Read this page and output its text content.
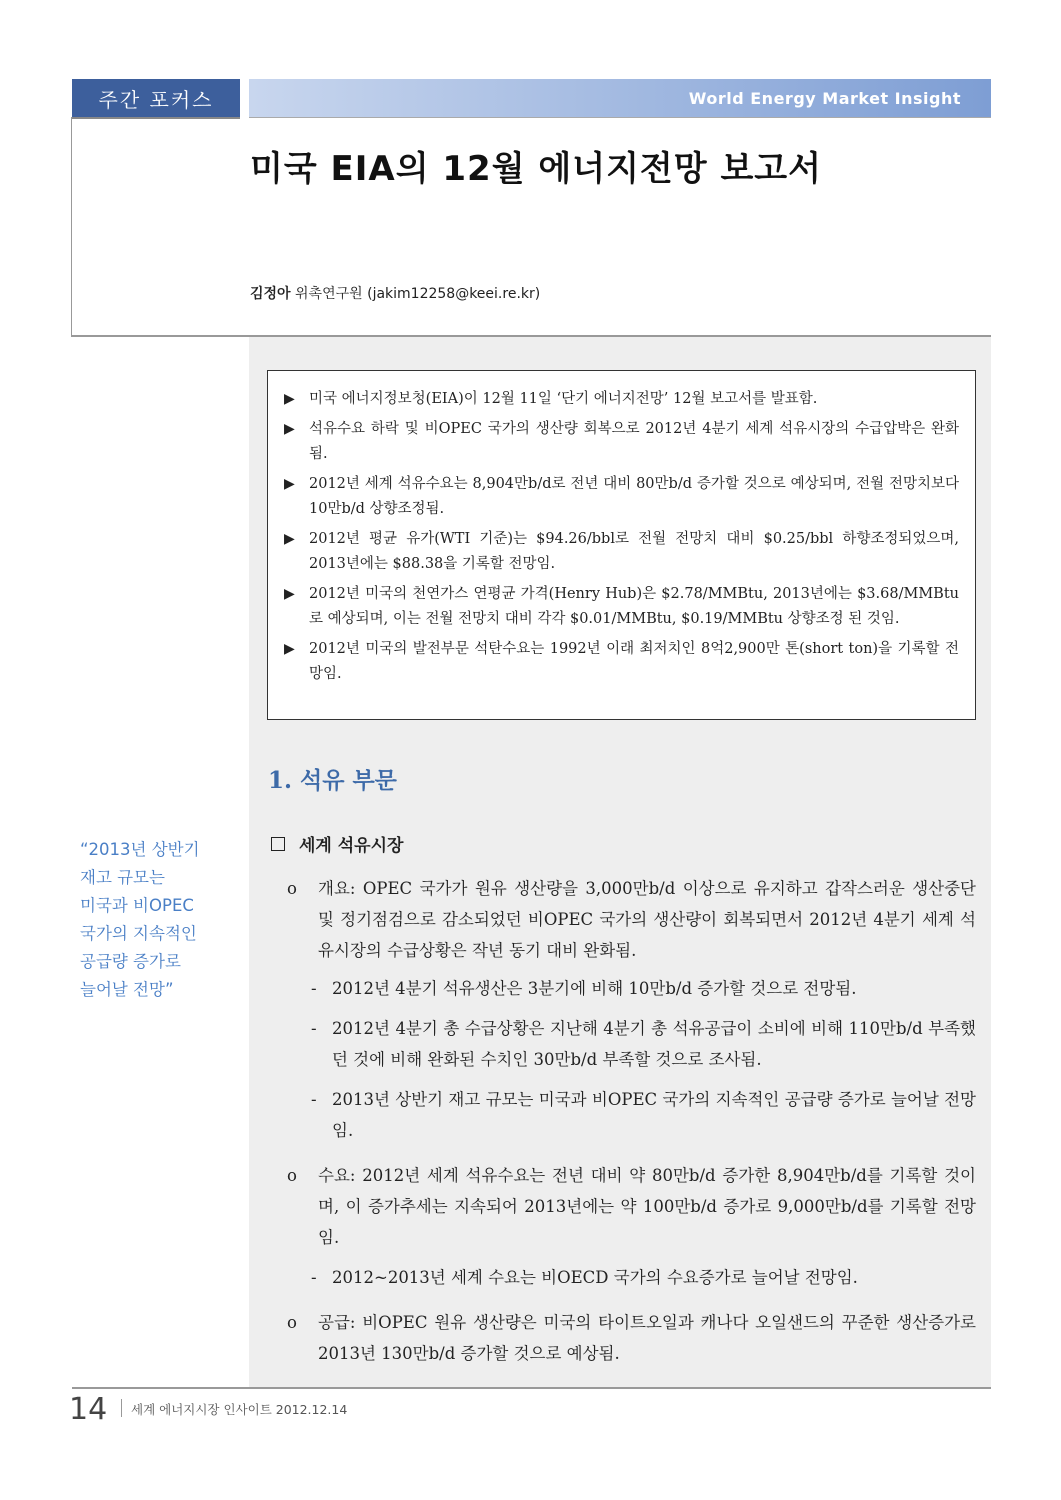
주간 포커스	World Energy Market Insight
미국 EIA의 12월 에너지전망 보고서
김정아 위촉연구원 (jakim12258@keei.re.kr)
▶ 미국 에너지정보청(EIA)이 12월 11일 ‘단기 에너지전망’ 12월 보고서를 발표함.
▶ 석유수요 하락 및 비OPEC 국가의 생산량 회복으로 2012년 4분기 세계 석유시장의 수급압박은 완화됨.
▶ 2012년 세계 석유수요는 8,904만b/d로 전년 대비 80만b/d 증가할 것으로 예상되며, 전월 전망치보다 10만b/d 상향조정됨.
▶ 2012년 평균 유가(WTI 기준)는 $94.26/bbl로 전월 전망치 대비 $0.25/bbl 하향조정되었으며, 2013년에는 $88.38을 기록할 전망임.
▶ 2012년 미국의 천연가스 연평균 가격(Henry Hub)은 $2.78/MMBtu, 2013년에는 $3.68/MMBtu로 예상되며, 이는 전월 전망치 대비 각각 $0.01/MMBtu, $0.19/MMBtu 상향조정 된 것임.
▶ 2012년 미국의 발전부문 석탄수요는 1992년 이래 최저치인 8억2,900만 톤(short ton)을 기록할 전망임.
1. 석유 부문
세계 석유시장
ο	개요: OPEC 국가가 원유 생산량을 3,000만b/d 이상으로 유지하고 갑작스러운 생산중단 및 정기점검으로 감소되었던 비OPEC 국가의 생산량이 회복되면서 2012년 4분기 세계 석유시장의 수급상황은 작년 동기 대비 완화됨.
- 2012년 4분기 석유생산은 3분기에 비해 10만b/d 증가할 것으로 전망됨.
- 2012년 4분기 총 수급상황은 지난해 4분기 총 석유공급이 소비에 비해 110만b/d 부족했던 것에 비해 완화된 수치인 30만b/d 부족할 것으로 조사됨.
- 2013년 상반기 재고 규모는 미국과 비OPEC 국가의 지속적인 공급량 증가로 늘어날 전망임.
ο	수요: 2012년 세계 석유수요는 전년 대비 약 80만b/d 증가한 8,904만b/d를 기록할 것이며, 이 증가추세는 지속되어 2013년에는 약 100만b/d 증가로 9,000만b/d를 기록할 전망임.
- 2012~2013년 세계 수요는 비OECD 국가의 수요증가로 늘어날 전망임.
ο	공급: 비OPEC 원유 생산량은 미국의 타이트오일과 캐나다 오일샌드의 꾸준한 생산증가로 2013년 130만b/d 증가할 것으로 예상됨.
“2013년 상반기
재고 규모는
미국과 비OPEC
국가의 지속적인
공급량 증가로
늘어날 전망”
14 세계 에너지시장 인사이트 2012.12.14
